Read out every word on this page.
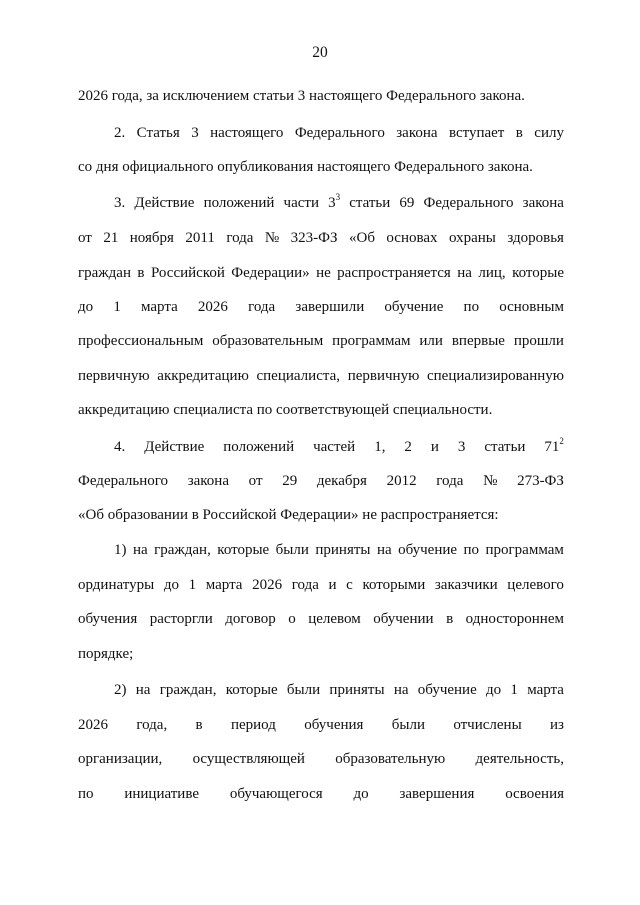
20
2026 года, за исключением статьи 3 настоящего Федерального закона.
2. Статья 3 настоящего Федерального закона вступает в силу
со дня официального опубликования настоящего Федерального закона.
3. Действие положений части $3^3$ статьи 69 Федерального закона
от 21 ноября 2011 года № 323-ФЗ «Об основах охраны здоровья
граждан в Российской Федерации» не распространяется на лиц, которые
до 1 марта 2026 года завершили обучение по основным
профессиональным образовательным программам или впервые прошли
первичную аккредитацию специалиста, первичную специализированную
аккредитацию специалиста по соответствующей специальности.
4. Действие положений частей 1, 2 и 3 статьи $71^2$
Федерального закона от 29 декабря 2012 года № 273-ФЗ
«Об образовании в Российской Федерации» не распространяется:
1) на граждан, которые были приняты на обучение по программам
ординатуры до 1 марта 2026 года и с которыми заказчики целевого
обучения расторгли договор о целевом обучении в одностороннем
порядке;
2) на граждан, которые были приняты на обучение до 1 марта
2026 года, в период обучения были отчислены из
организации, осуществляющей образовательную деятельность,
по инициативе обучающегося до завершения освоения
